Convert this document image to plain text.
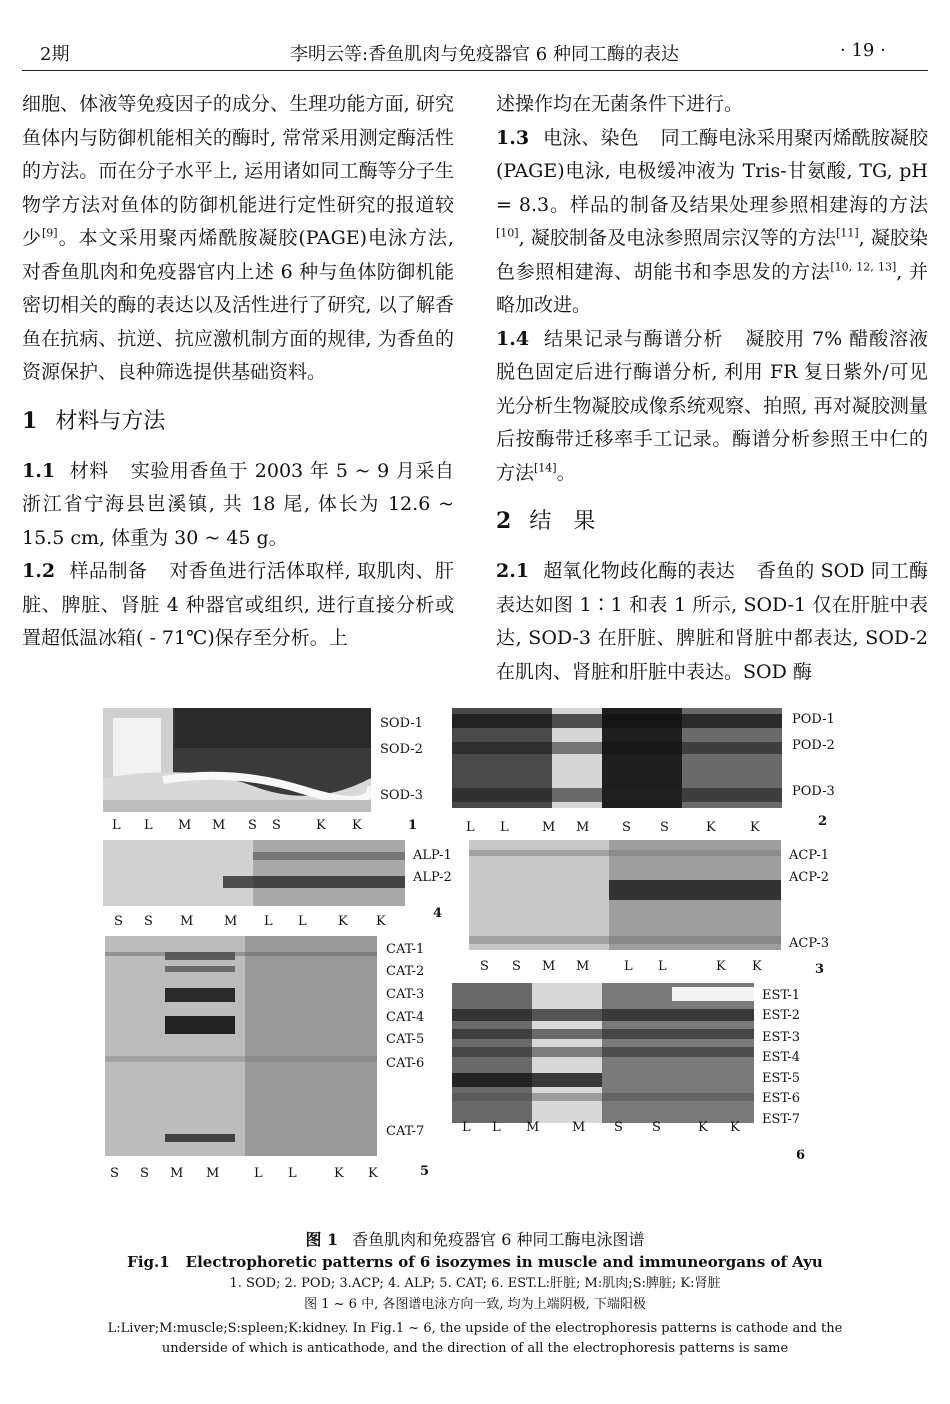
2期	李明云等:香鱼肌肉与免疫器官 6 种同工酶的表达	· 19 ·

细胞、体液等免疫因子的成分、生理功能方面, 研究鱼体内与防御机能相关的酶时, 常常采用测定酶活性的方法。而在分子水平上, 运用诸如同工酶等分子生物学方法对鱼体的防御机能进行定性研究的报道较少[9]。本文采用聚丙烯酰胺凝胶(PAGE)电泳方法, 对香鱼肌肉和免疫器官内上述 6 种与鱼体防御机能密切相关的酶的表达以及活性进行了研究, 以了解香鱼在抗病、抗逆、抗应激机制方面的规律, 为香鱼的资源保护、良种筛选提供基础资料。

1 材料与方法

1.1 材料 实验用香鱼于 2003 年 5 ~ 9 月采自浙江省宁海县岜溪镇, 共 18 尾, 体长为 12.6 ~ 15.5 cm, 体重为 30 ~ 45 g。

1.2 样品制备 对香鱼进行活体取样, 取肌肉、肝脏、脾脏、肾脏 4 种器官或组织, 进行直接分析或置超低温冰箱( - 71℃)保存至分析。上

述操作均在无菌条件下进行。

1.3 电泳、染色 同工酶电泳采用聚丙烯酰胺凝胶(PAGE)电泳, 电极缓冲液为 Tris-甘氨酸, TG, pH = 8.3。样品的制备及结果处理参照相建海的方法[10], 凝胶制备及电泳参照周宗汉等的方法[11], 凝胶染色参照相建海、胡能书和李思发的方法[10, 12, 13], 并略加改进。

1.4 结果记录与酶谱分析 凝胶用 7% 醋酸溶液脱色固定后进行酶谱分析, 利用 FR 复日紫外/可见光分析生物凝胶成像系统观察、拍照, 再对凝胶测量后按酶带迁移率手工记录。酶谱分析参照王中仁的方法[14]。

2 结　果

2.1 超氧化物歧化酶的表达 香鱼的 SOD 同工酶表达如图 1∶1 和表 1 所示, SOD-1 仅在肝脏中表达, SOD-3 在肝脏、脾脏和肾脏中都表达, SOD-2 在肌肉、肾脏和肝脏中表达。SOD 酶

SOD-1
SOD-2
SOD-3
L L M M S S	K K	1
POD-1
POD-2
POD-3
L L	M M	S S	K	K	2
ALP-1
ALP-2
S S M M L L K K
4
ACP-1
ACP-2
ACP-3
S S M M	L L	K K	3
CAT-1
CAT-2
CAT-3
CAT-4
CAT-5
CAT-6
CAT-7
S S M M	L L	K K	5
EST-1
EST-2
EST-3
EST-4
EST-5
EST-6
EST-7
L L M	M S S	K K
6
图 1 香鱼肌肉和免疫器官 6 种同工酶电泳图谱
Fig.1 Electrophoretic patterns of 6 isozymes in muscle and immuneorgans of Ayu
1. SOD; 2. POD; 3.ACP; 4. ALP; 5. CAT; 6. EST.L:肝脏; M:肌肉;S:脾脏; K:肾脏
图 1 ~ 6 中, 各图谱电泳方向一致, 均为上端阴极, 下端阳极
L:Liver;M:muscle;S:spleen;K:kidney. In Fig.1 ~ 6, the upside of the electrophoresis patterns is cathode and the
underside of which is anticathode, and the direction of all the electrophoresis patterns is same
